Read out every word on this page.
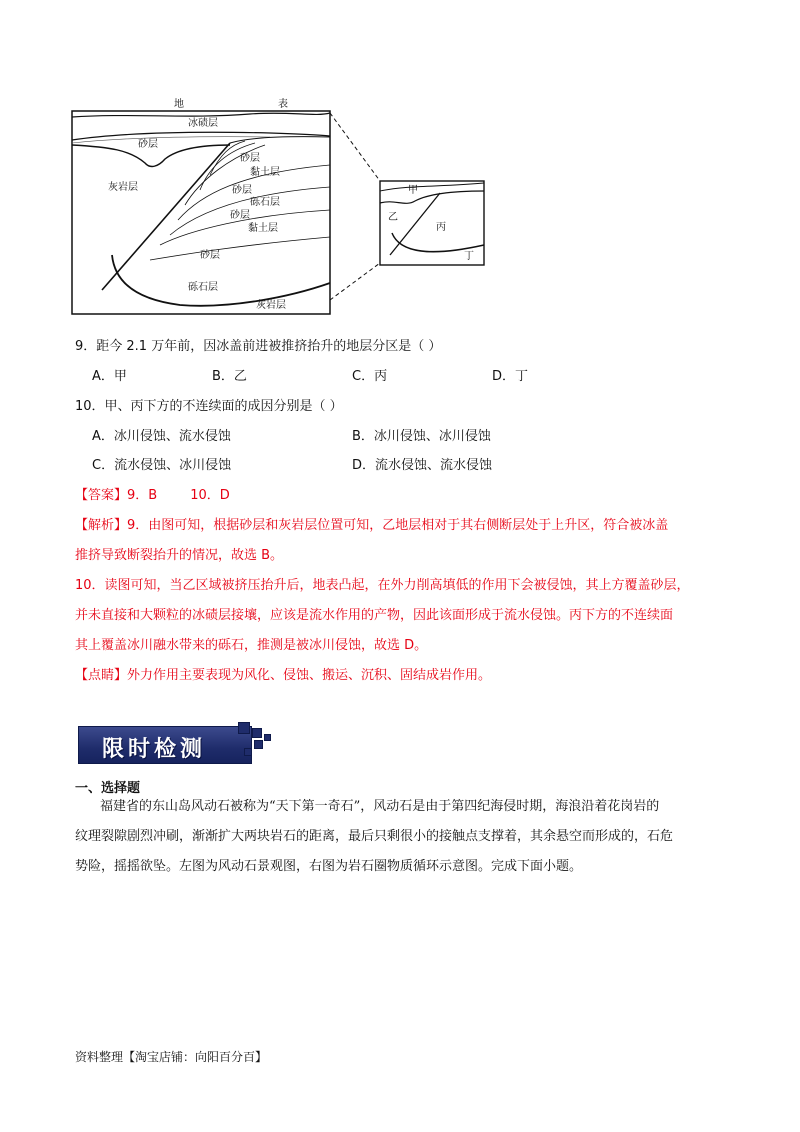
地	表
冰碛层
砂层
灰岩层
砂层
黏土层
砂层
砾石层
砂层
黏土层
砂层
砾石层
灰岩层
甲
乙
丙
丁
9．距今 2.1 万年前，因冰盖前进被推挤抬升的地层分区是（ ）
A．甲	B．乙	C．丙	D．丁
10．甲、丙下方的不连续面的成因分别是（ ）
A．冰川侵蚀、流水侵蚀	B．冰川侵蚀、冰川侵蚀
C．流水侵蚀、冰川侵蚀	D．流水侵蚀、流水侵蚀
【答案】9．B        10．D
【解析】9．由图可知，根据砂层和灰岩层位置可知，乙地层相对于其右侧断层处于上升区，符合被冰盖
推挤导致断裂抬升的情况，故选 B。
10．读图可知，当乙区域被挤压抬升后，地表凸起，在外力削高填低的作用下会被侵蚀，其上方覆盖砂层，
并未直接和大颗粒的冰碛层接壤，应该是流水作用的产物，因此该面形成于流水侵蚀。丙下方的不连续面
其上覆盖冰川融水带来的砾石，推测是被冰川侵蚀，故选 D。
【点睛】外力作用主要表现为风化、侵蚀、搬运、沉积、固结成岩作用。
限时检测
一、选择题
福建省的东山岛风动石被称为“天下第一奇石”，风动石是由于第四纪海侵时期，海浪沿着花岗岩的
纹理裂隙剧烈冲刷，渐渐扩大两块岩石的距离，最后只剩很小的接触点支撑着，其余悬空而形成的，石危
势险，摇摇欲坠。左图为风动石景观图，右图为岩石圈物质循环示意图。完成下面小题。
资料整理【淘宝店铺：向阳百分百】
